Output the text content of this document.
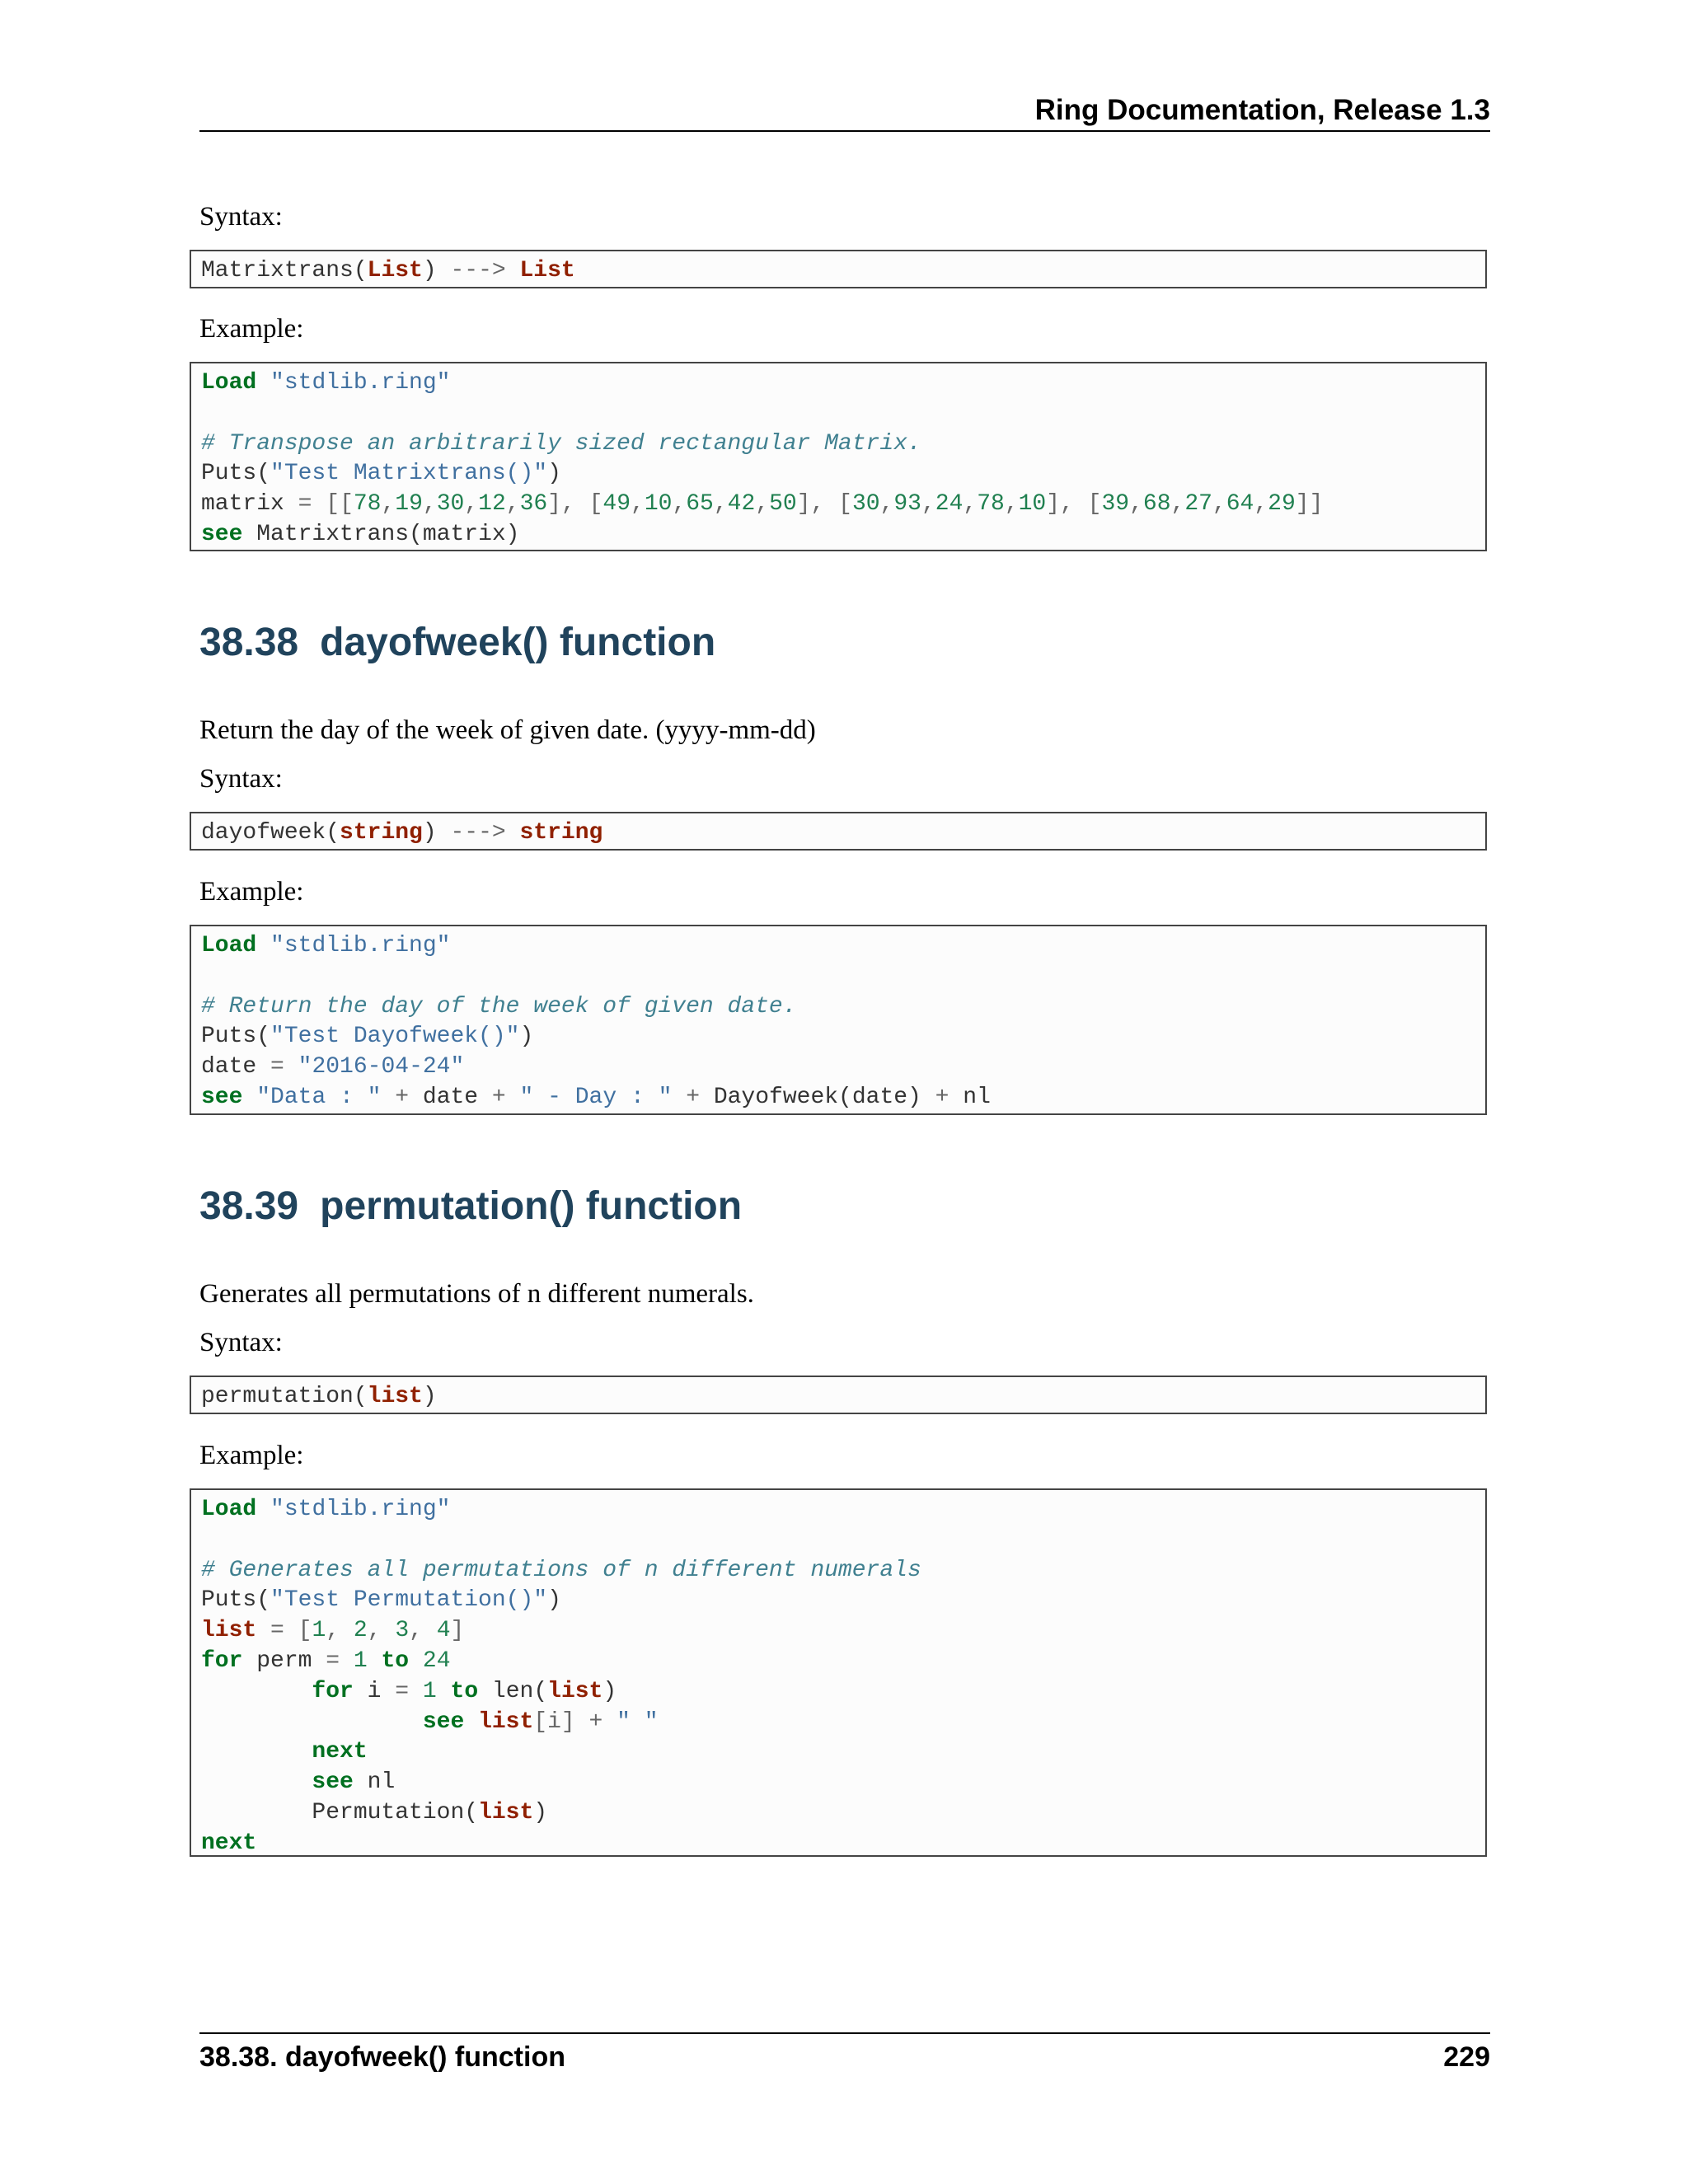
Ring Documentation, Release 1.3
Syntax:
Matrixtrans(List) ---> List
Example:
Load "stdlib.ring"

# Transpose an arbitrarily sized rectangular Matrix.
Puts("Test Matrixtrans()")
matrix = [[78,19,30,12,36], [49,10,65,42,50], [30,93,24,78,10], [39,68,27,64,29]]
see Matrixtrans(matrix)
38.38 dayofweek() function
Return the day of the week of given date. (yyyy-mm-dd)
Syntax:
dayofweek(string) ---> string
Example:
Load "stdlib.ring"

# Return the day of the week of given date.
Puts("Test Dayofweek()")
date = "2016-04-24"
see "Data : " + date + " - Day : " + Dayofweek(date) + nl
38.39 permutation() function
Generates all permutations of n different numerals.
Syntax:
permutation(list)
Example:
Load "stdlib.ring"

# Generates all permutations of n different numerals
Puts("Test Permutation()")
list = [1, 2, 3, 4]
for perm = 1 to 24
for i = 1 to len(list)
see list[i] + " "
next
see nl
Permutation(list)
next
38.38. dayofweek() function	229
